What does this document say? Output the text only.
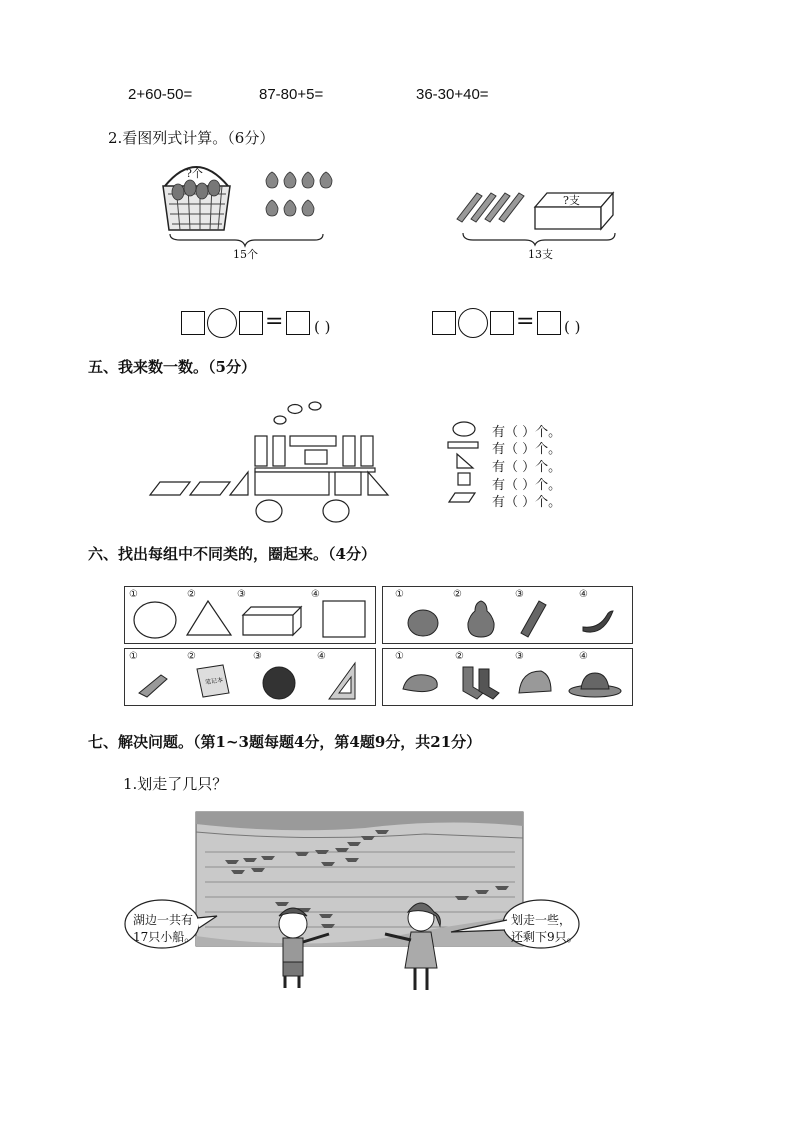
2+60-50=	87-80+5=	36-30+40=
2.看图列式计算。（6分）
?个
15个
?支
13支
= ( )	= ( )
五、我来数一数。（5分）
有（ ）个。
有（ ）个。
有（ ）个。
有（ ）个。
有（ ）个。
六、找出每组中不同类的，圈起来。（4分）
①	②	③	④	①	②	③	④
①	②	③	④
笔记本
①	②	③	④
七、解决问题。（第1~3题每题4分，第4题9分，共21分）
1.划走了几只？
湖边一共有
17只小船。
划走一些，
还剩下9只。
